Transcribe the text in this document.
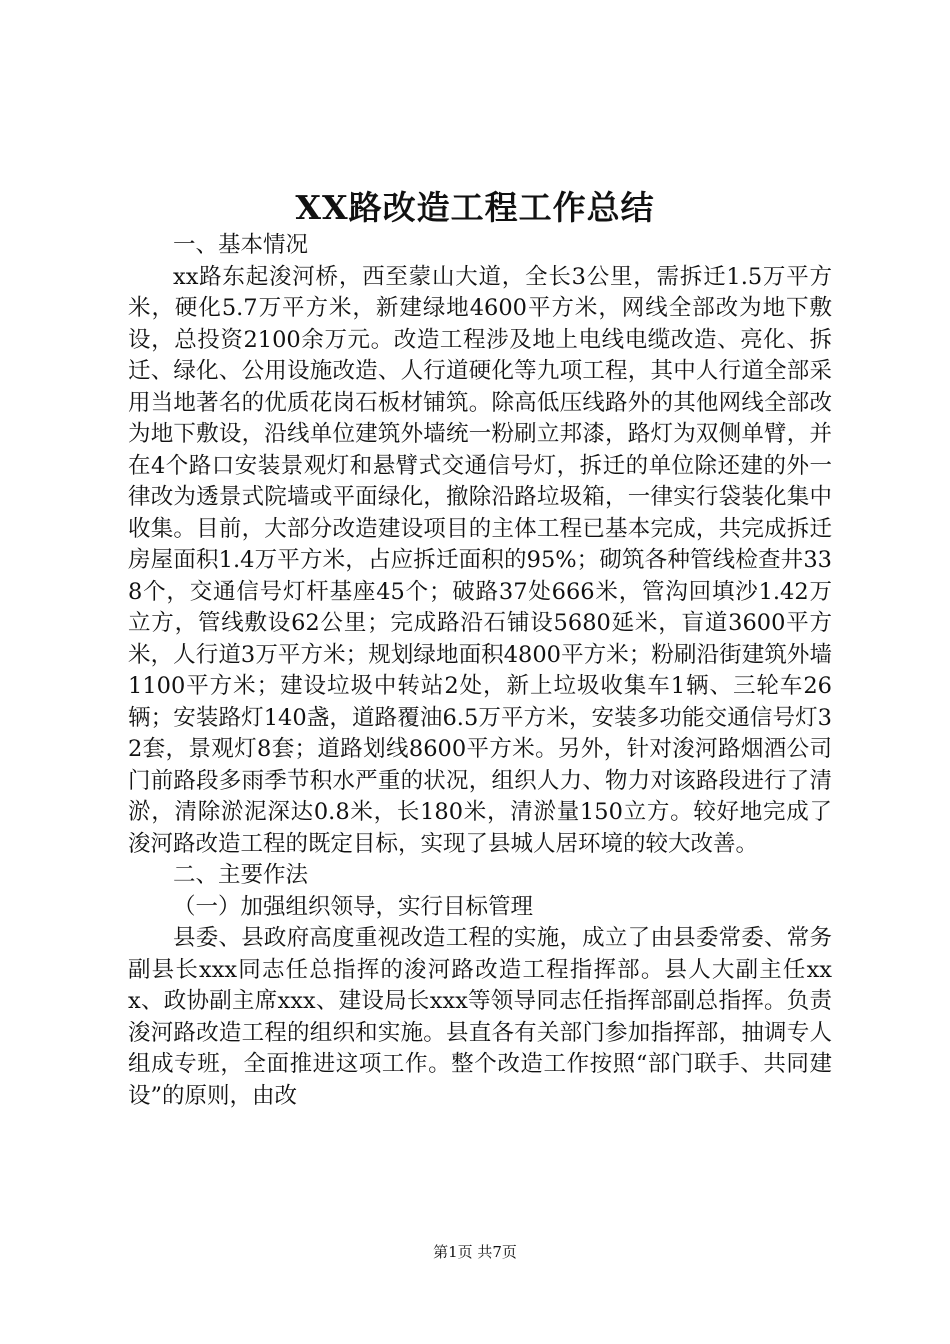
XX路改造工程工作总结

一、基本情况

xx路东起浚河桥，西至蒙山大道，全长3公里，需拆迁1.5万平方米，硬化5.7万平方米，新建绿地4600平方米，网线全部改为地下敷设，总投资2100余万元。改造工程涉及地上电线电缆改造、亮化、拆迁、绿化、公用设施改造、人行道硬化等九项工程，其中人行道全部采用当地著名的优质花岗石板材铺筑。除高低压线路外的其他网线全部改为地下敷设，沿线单位建筑外墙统一粉刷立邦漆，路灯为双侧单臂，并在4个路口安装景观灯和悬臂式交通信号灯，拆迁的单位除还建的外一律改为透景式院墙或平面绿化，撤除沿路垃圾箱，一律实行袋装化集中收集。目前，大部分改造建设项目的主体工程已基本完成，共完成拆迁房屋面积1.4万平方米，占应拆迁面积的95%；砌筑各种管线检查井338个，交通信号灯杆基座45个；破路37处666米，管沟回填沙1.42万立方，管线敷设62公里；完成路沿石铺设5680延米，盲道3600平方米，人行道3万平方米；规划绿地面积4800平方米；粉刷沿街建筑外墙1100平方米；建设垃圾中转站2处，新上垃圾收集车1辆、三轮车26辆；安装路灯140盏，道路覆油6.5万平方米，安装多功能交通信号灯32套，景观灯8套；道路划线8600平方米。另外，针对浚河路烟酒公司门前路段多雨季节积水严重的状况，组织人力、物力对该路段进行了清淤，清除淤泥深达0.8米，长180米，清淤量150立方。较好地完成了浚河路改造工程的既定目标，实现了县城人居环境的较大改善。

二、主要作法

（一）加强组织领导，实行目标管理

县委、县政府高度重视改造工程的实施，成立了由县委常委、常务副县长xxx同志任总指挥的浚河路改造工程指挥部。县人大副主任xxx、政协副主席xxx、建设局长xxx等领导同志任指挥部副总指挥。负责浚河路改造工程的组织和实施。县直各有关部门参加指挥部，抽调专人组成专班，全面推进这项工作。整个改造工作按照“部门联手、共同建设”的原则，由改

第1页 共7页
